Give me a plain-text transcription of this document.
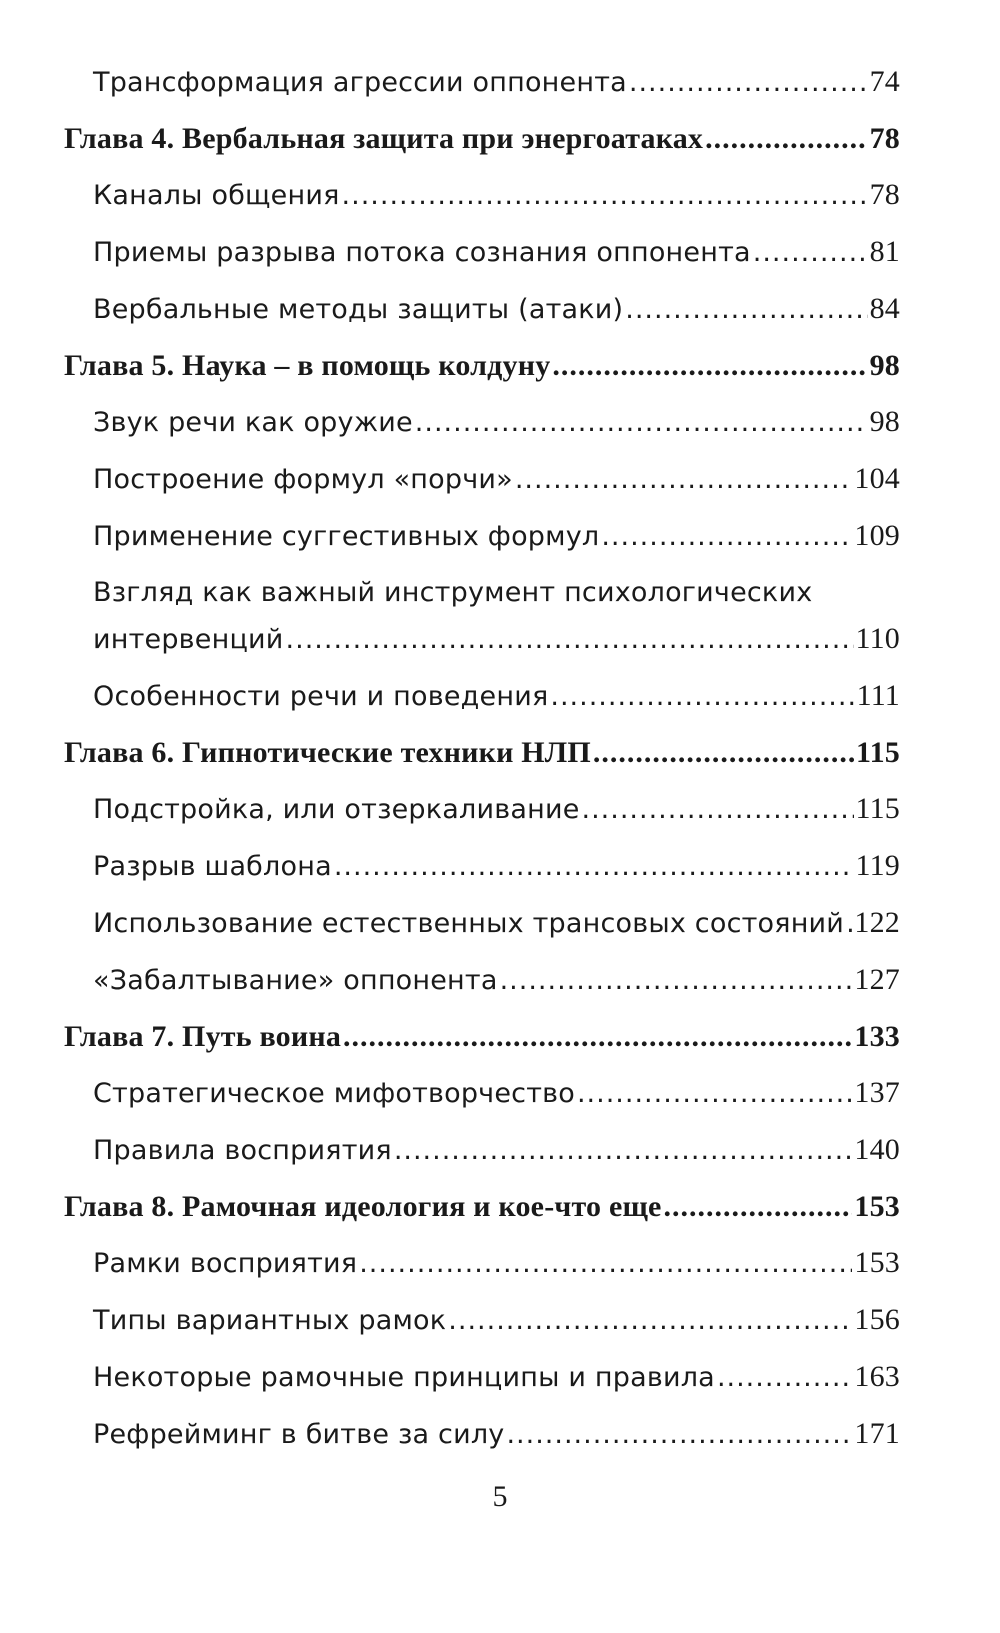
Трансформация агрессии оппонента .....	74
Глава 4. Вербальная защита при энергоатаках .....	78
Каналы общения .....	78
Приемы разрыва потока сознания оппонента .....	81
Вербальные методы защиты (атаки) .....	84
Глава 5. Наука – в помощь колдуну .....	98
Звук речи как оружие .....	98
Построение формул «порчи» .....	104
Применение суггестивных формул .....	109
Взгляд как важный инструмент психологических
интервенций .....	110
Особенности речи и поведения .....	111
Глава 6. Гипнотические техники НЛП .....	115
Подстройка, или отзеркаливание .....	115
Разрыв шаблона .....	119
Использование естественных трансовых состояний ..... 122
«Забалтывание» оппонента .....	127
Глава 7. Путь воина .....	133
Стратегическое мифотворчество .....	137
Правила восприятия .....	140
Глава 8. Рамочная идеология и кое-что еще .....	153
Рамки восприятия .....	153
Типы вариантных рамок .....	156
Некоторые рамочные принципы и правила .....	163
Рефрейминг в битве за силу .....	171
5
